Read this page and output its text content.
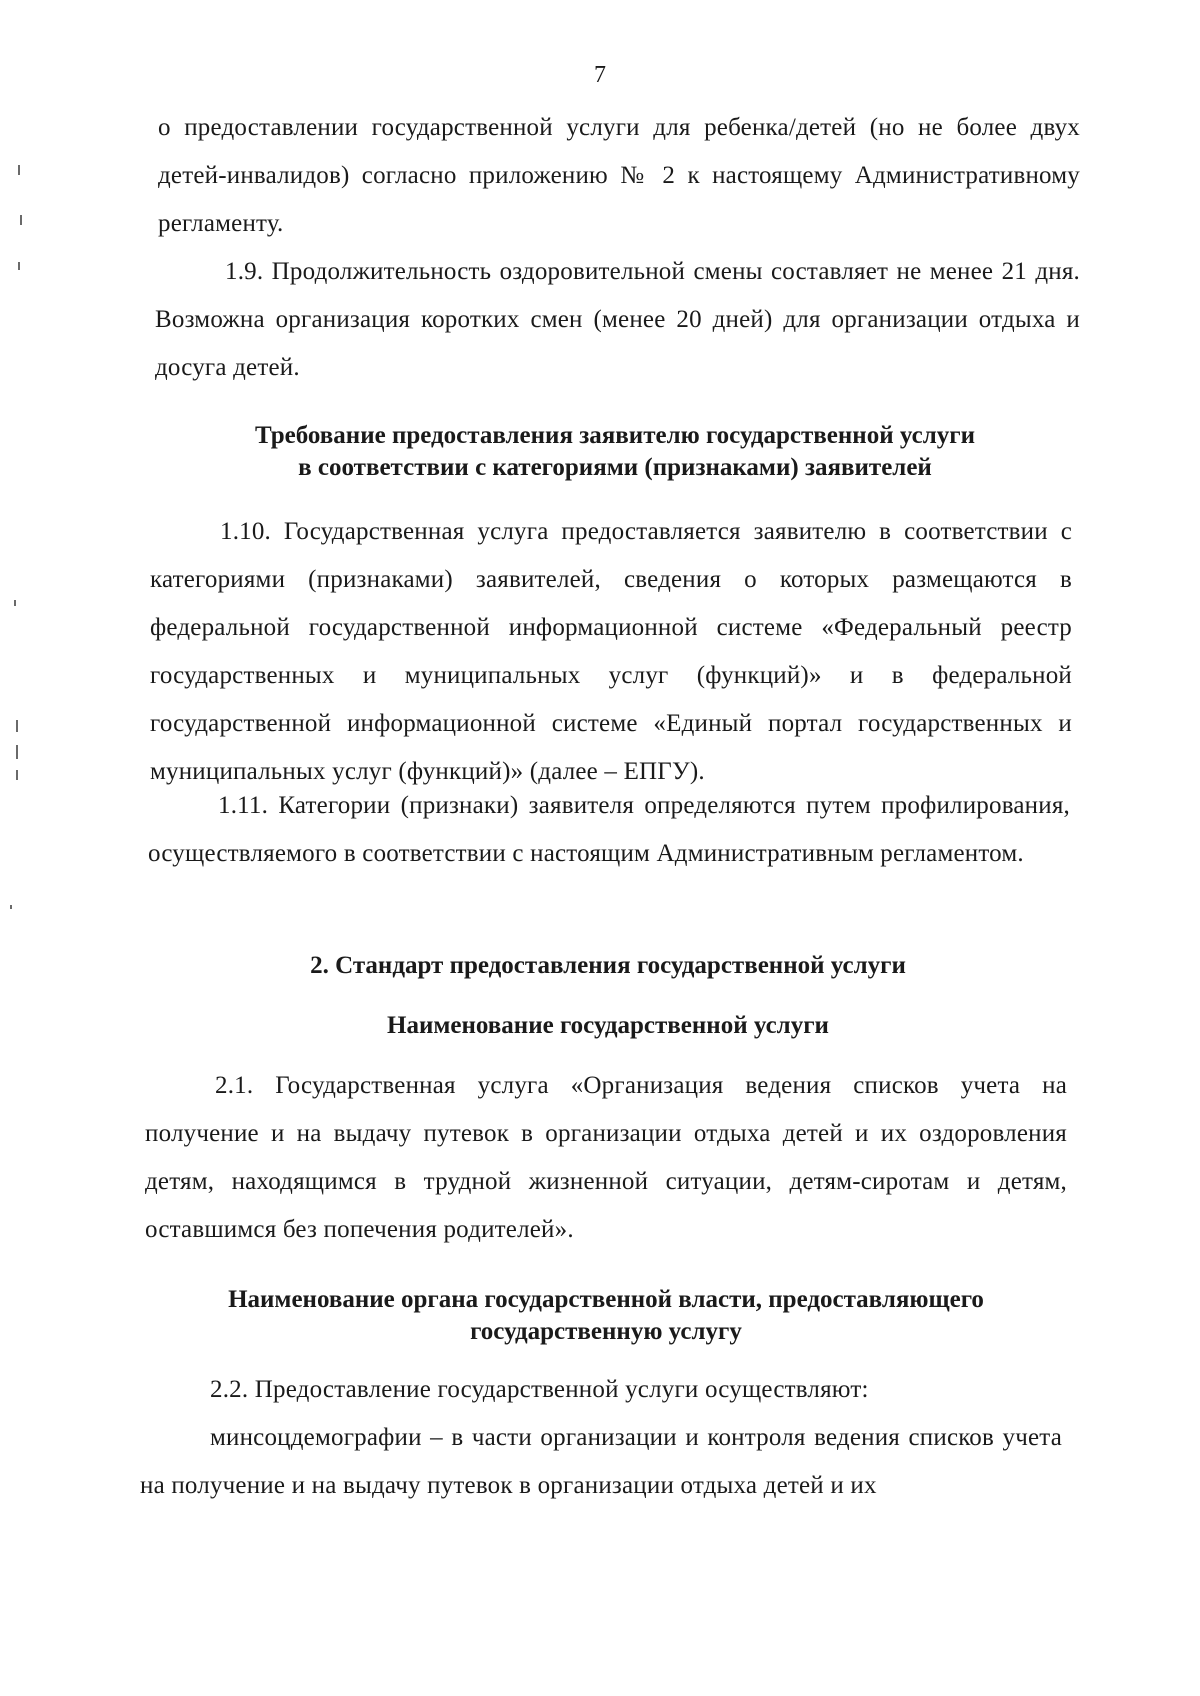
7

о предоставлении государственной услуги для ребенка/детей (но не более двух детей-инвалидов) согласно приложению № 2 к настоящему Административному регламенту.

1.9. Продолжительность оздоровительной смены составляет не менее 21 дня. Возможна организация коротких смен (менее 20 дней) для организации отдыха и досуга детей.

Требование предоставления заявителю государственной услуги
в соответствии с категориями (признаками) заявителей

1.10. Государственная услуга предоставляется заявителю в соответствии с категориями (признаками) заявителей, сведения о которых размещаются в федеральной государственной информационной системе «Федеральный реестр государственных и муниципальных услуг (функций)» и в федеральной государственной информационной системе «Единый портал государственных и муниципальных услуг (функций)» (далее – ЕПГУ).

1.11. Категории (признаки) заявителя определяются путем профилирования, осуществляемого в соответствии с настоящим Административным регламентом.

2. Стандарт предоставления государственной услуги

Наименование государственной услуги

2.1. Государственная услуга «Организация ведения списков учета на получение и на выдачу путевок в организации отдыха детей и их оздоровления детям, находящимся в трудной жизненной ситуации, детям-сиротам и детям, оставшимся без попечения родителей».

Наименование органа государственной власти, предоставляющего
государственную услугу

2.2. Предоставление государственной услуги осуществляют:

минсоцдемографии – в части организации и контроля ведения списков учета на получение и на выдачу путевок в организации отдыха детей и их
